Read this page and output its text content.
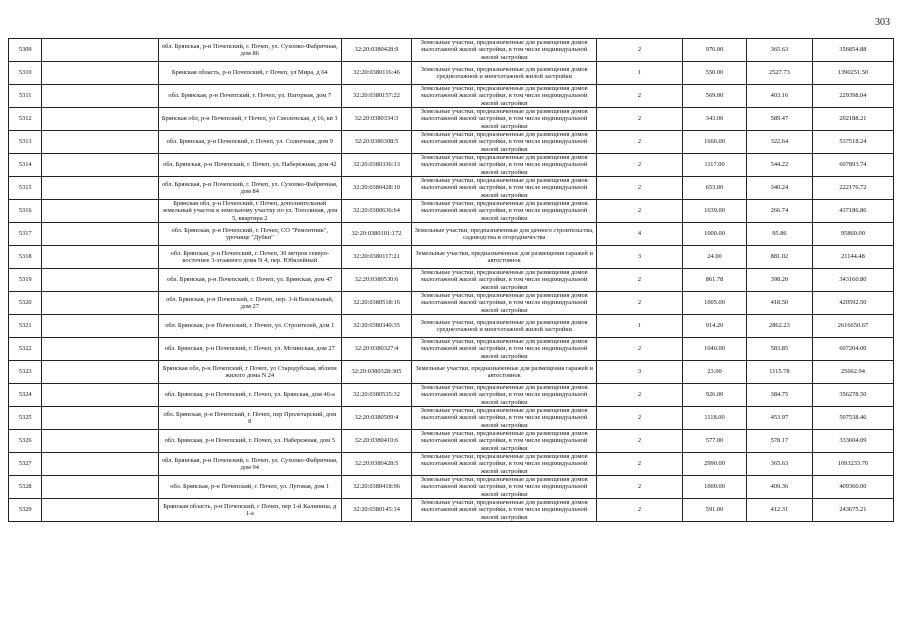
303
5309		обл. Брянская, р-н Почепский, г. Почеп, ул. Сухопко-Фабричная, дом 86	32:20:0380428:9	Земельные участки, предназначенные для размещения домов малоэтажной жилой застройки, в том числе индивидуальной жилой застройки	2	976.00	365.63	356854.88
5310		Брянская область, р-н Почепский, г Почеп, ул Мира, д 64	32:20:0380116:46	Земельные участки, предназначенные для размещения домов среднеэтажной и многоэтажной жилой застройки	1	550.00	2527.73	1390251.50
5311		обл. Брянская, р-н Почепский, г. Почеп, ул. Нагорная, дом 7	32:20:0380157:22	Земельные участки, предназначенные для размещения домов малоэтажной жилой застройки, в том числе индивидуальной жилой застройки	2	569.00	403.16	229398.04
5312		Брянская обл, р-н Почепский, г Почеп, ул Смоленская, д 16, кв 1	32:20:0380334:3	Земельные участки, предназначенные для размещения домов малоэтажной жилой застройки, в том числе индивидуальной жилой застройки	2	343.00	589.47	202188.21
5313		обл. Брянская, р-н Почепский, г. Почеп, ул. Солнечная, дом 9	32:20:0380308:5	Земельные участки, предназначенные для размещения домов малоэтажной жилой застройки, в том числе индивидуальной жилой застройки	2	1666.00	322.64	537518.24
5314		обл. Брянская, р-н Почепский, г. Почеп, ул. Набережная, дом 42	32:20:0380336:13	Земельные участки, предназначенные для размещения домов малоэтажной жилой застройки, в том числе индивидуальной жилой застройки	2	1117.00	544.22	607893.74
5315		обл. Брянская, р-н Почепский, г. Почеп, ул. Сухопко-Фабричная, дом 84	32:20:0380428:10	Земельные участки, предназначенные для размещения домов малоэтажной жилой застройки, в том числе индивидуальной жилой застройки	2	653.00	340.24	222176.72
5316		Брянская обл, р-н Почепский, г Почеп, дополнительный земельный участок к земельному участку по ул. Тополиная, дом 5, квартира 2	32:20:0380636:64	Земельные участки, предназначенные для размещения домов малоэтажной жилой застройки, в том числе индивидуальной жилой застройки	2	1639.00	266.74	437186.86
5317		обл. Брянская, р-н Почепский, г. Почеп, СО "Ремонтник", урочище "Дубки"	32:20:0380101:172	Земельные участки, предназначенные для дачного строительства, садоводства и огородничества	4	1000.00	95.86	95860.00
5318		обл. Брянская, р-н Почепский, г. Почеп, 30 метров северо-восточнее 3-этажного дома N 4, пер. Юбилейный	32:20:0380117:21	Земельные участки, предназначенные для размещения гаражей и автостоянок	3	24.00	881.02	21144.48
5319		обл. Брянская, р-н Почепский, г. Почеп, ул. Брянская, дом 47	32:20:0380530:6	Земельные участки, предназначенные для размещения домов малоэтажной жилой застройки, в том числе индивидуальной жилой застройки	2	861.78	398.20	343160.80
5320		обл. Брянская, р-н Почепский, г. Почеп, пер. 3-й Вокзальный, дом 27	32:20:0380518:16	Земельные участки, предназначенные для размещения домов малоэтажной жилой застройки, в том числе индивидуальной жилой застройки	2	1005.00	418.50	420592.50
5321		обл. Брянская, р-н Почепский, г. Почеп, ул. Строителей, дом 1	32:20:0380340:35	Земельные участки, предназначенные для размещения домов среднеэтажной и многоэтажной жилой застройки	1	914.20	2862.23	2616650.67
5322		обл. Брянская, р-н Почепский, г. Почеп, ул. Мглинская, дом 27	32:20:0380327:4	Земельные участки, предназначенные для размещения домов малоэтажной жилой застройки, в том числе индивидуальной жилой застройки	2	1040.00	583.85	607204.00
5323		Брянская обл, р-н Почепский, г Почеп, ул Стародубская, вблизи жилого дома N 24	32:20:0380328:305	Земельные участки, предназначенные для размещения гаражей и автостоянок	3	23.00	1115.78	25662.94
5324		обл. Брянская, р-н Почепский, г. Почеп, ул. Брянская, дом 46-а	32:20:0380535:32	Земельные участки, предназначенные для размещения домов малоэтажной жилой застройки, в том числе индивидуальной жилой застройки	2	926.00	384.75	356278.50
5325		обл. Брянская, р-н Почепский, г. Почеп, пер Пролетарский, дом 8	32:20:0380509:4	Земельные участки, предназначенные для размещения домов малоэтажной жилой застройки, в том числе индивидуальной жилой застройки	2	1118.00	453.97	507538.46
5326		обл. Брянская, р-н Почепский, г. Почеп, ул. Набережная, дом 5	32:20:0380410:6	Земельные участки, предназначенные для размещения домов малоэтажной жилой застройки, в том числе индивидуальной жилой застройки	2	577.00	578.17	333604.09
5327		обл. Брянская, р-н Почепский, г. Почеп, ул. Сухопко-Фабричная, дом 94	32:20:0380428:5	Земельные участки, предназначенные для размещения домов малоэтажной жилой застройки, в том числе индивидуальной жилой застройки	2	2990.00	365.63	1093233.70
5328		обл. Брянская, р-н Почепский, г. Почеп, ул. Луговая, дом 1	32:20:0380418:96	Земельные участки, предназначенные для размещения домов малоэтажной жилой застройки, в том числе индивидуальной жилой застройки	2	1000.00	409.36	409360.00
5329		Брянская область, р-н Почепский, г Почеп, пер 1-й Калинина, д 1-а	32:20:0380145:14	Земельные участки, предназначенные для размещения домов малоэтажной жилой застройки, в том числе индивидуальной жилой застройки	2	591.00	412.31	243675.21
